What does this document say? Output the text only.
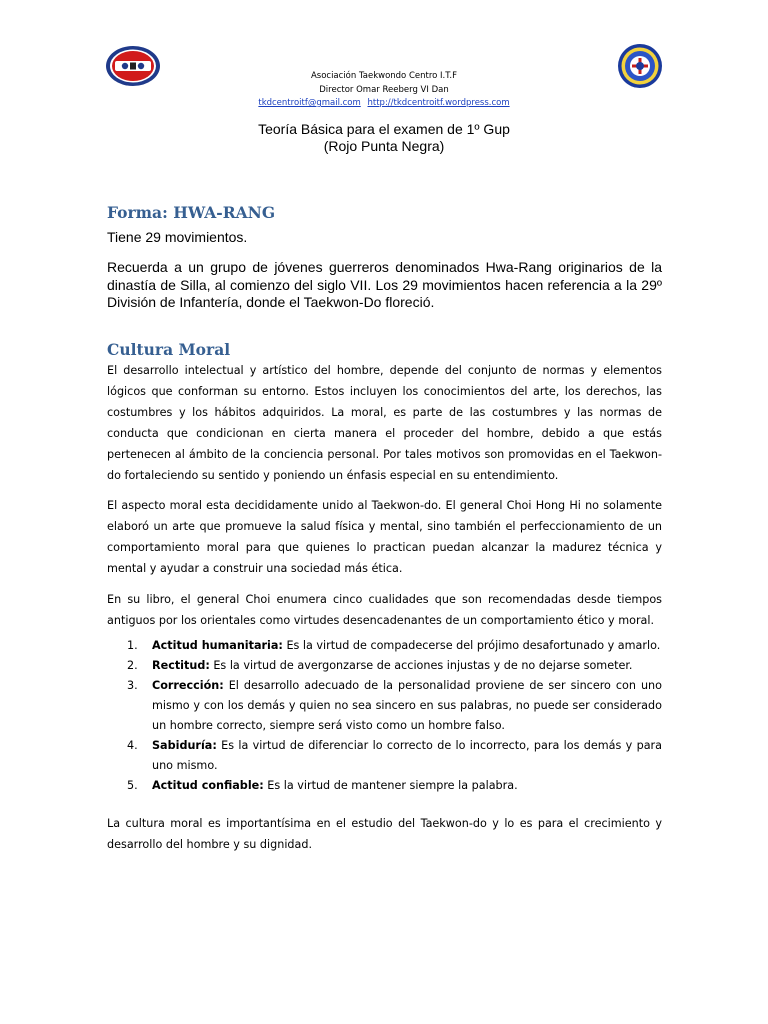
Asociación Taekwondo Centro I.T.F
Director Omar Reeberg VI Dan
tkdcentroitf@gmail.com http://tkdcentroitf.wordpress.com
Teoría Básica para el examen de 1º Gup
(Rojo Punta Negra)
Forma: HWA-RANG

Tiene 29 movimientos.

Recuerda a un grupo de jóvenes guerreros denominados Hwa-Rang originarios de la dinastía de Silla, al comienzo del siglo VII. Los 29 movimientos hacen referencia a la 29º División de Infantería, donde el Taekwon-Do floreció.

Cultura Moral

El desarrollo intelectual y artístico del hombre, depende del conjunto de normas y elementos lógicos que conforman su entorno. Estos incluyen los conocimientos del arte, los derechos, las costumbres y los hábitos adquiridos. La moral, es parte de las costumbres y las normas de conducta que condicionan en cierta manera el proceder del hombre, debido a que estás pertenecen al ámbito de la conciencia personal. Por tales motivos son promovidas en el Taekwon-do fortaleciendo su sentido y poniendo un énfasis especial en su entendimiento.

El aspecto moral esta decididamente unido al Taekwon-do. El general Choi Hong Hi no solamente elaboró un arte que promueve la salud física y mental, sino también el perfeccionamiento de un comportamiento moral para que quienes lo practican puedan alcanzar la madurez técnica y mental y ayudar a construir una sociedad más ética.

En su libro, el general Choi enumera cinco cualidades que son recomendadas desde tiempos antiguos por los orientales como virtudes desencadenantes de un comportamiento ético y moral.

1. Actitud humanitaria: Es la virtud de compadecerse del prójimo desafortunado y amarlo.
2. Rectitud: Es la virtud de avergonzarse de acciones injustas y de no dejarse someter.
3. Corrección: El desarrollo adecuado de la personalidad proviene de ser sincero con uno mismo y con los demás y quien no sea sincero en sus palabras, no puede ser considerado un hombre correcto, siempre será visto como un hombre falso.
4. Sabiduría: Es la virtud de diferenciar lo correcto de lo incorrecto, para los demás y para uno mismo.
5. Actitud confiable: Es la virtud de mantener siempre la palabra.

La cultura moral es importantísima en el estudio del Taekwon-do y lo es para el crecimiento y desarrollo del hombre y su dignidad.
